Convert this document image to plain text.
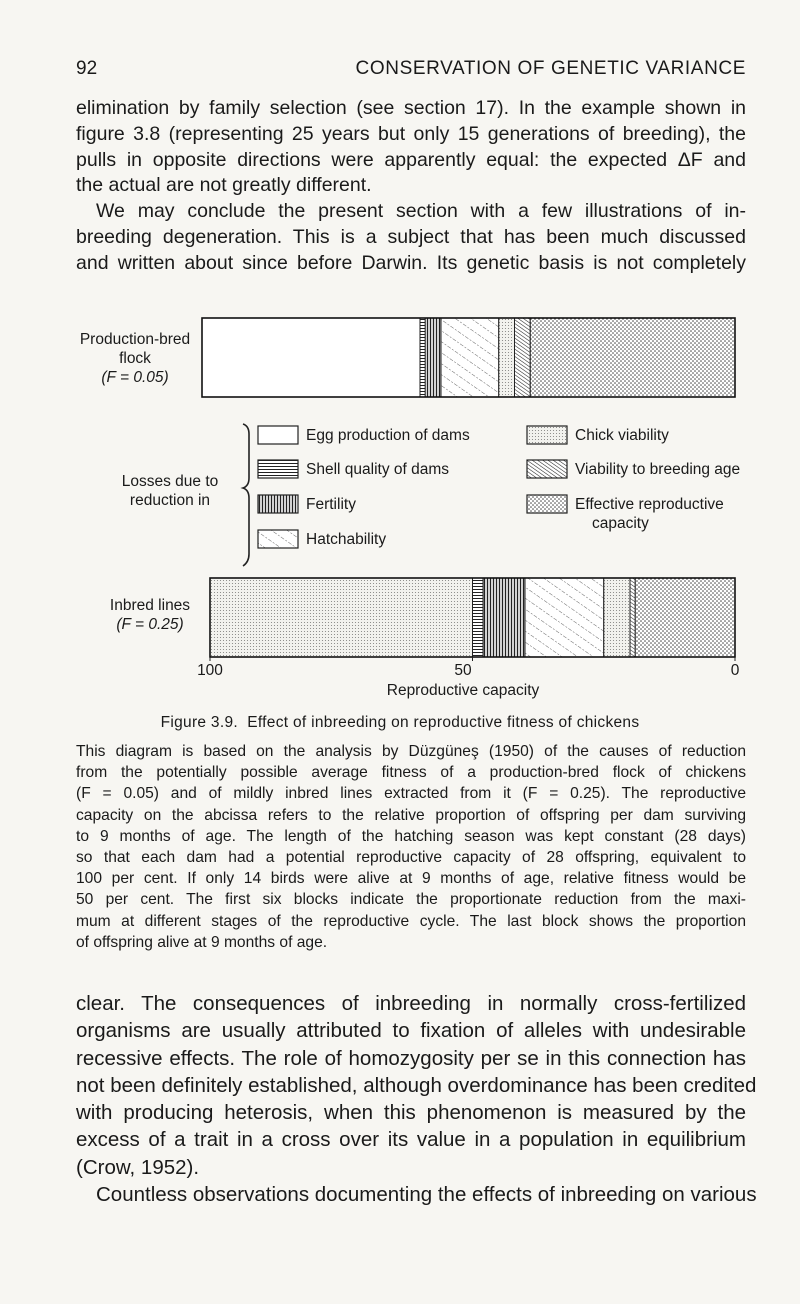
92	CONSERVATION OF GENETIC VARIANCE
elimination by family selection (see section 17). In the example shown in
figure 3.8 (representing 25 years but only 15 generations of breeding), the
pulls in opposite directions were apparently equal: the expected ΔF and
the actual are not greatly different.
We may conclude the present section with a few illustrations of in-
breeding degeneration. This is a subject that has been much discussed
and written about since before Darwin. Its genetic basis is not completely
Production-bred
flock
(F = 0.05)
Losses due to
reduction in
Egg production of dams
Shell quality of dams
Fertility
Hatchability
Chick viability
Viability to breeding age
Effective reproductive
capacity
Inbred lines
(F = 0.25)
100	50	0
Reproductive capacity
Figure 3.9. Effect of inbreeding on reproductive fitness of chickens
This diagram is based on the analysis by Düzgüneş (1950) of the causes of reduction
from the potentially possible average fitness of a production-bred flock of chickens
(F = 0.05) and of mildly inbred lines extracted from it (F = 0.25). The reproductive
capacity on the abcissa refers to the relative proportion of offspring per dam surviving
to 9 months of age. The length of the hatching season was kept constant (28 days)
so that each dam had a potential reproductive capacity of 28 offspring, equivalent to
100 per cent. If only 14 birds were alive at 9 months of age, relative fitness would be
50 per cent. The first six blocks indicate the proportionate reduction from the maxi-
mum at different stages of the reproductive cycle. The last block shows the proportion
of offspring alive at 9 months of age.
clear. The consequences of inbreeding in normally cross-fertilized
organisms are usually attributed to fixation of alleles with undesirable
recessive effects. The role of homozygosity per se in this connection has
not been definitely established, although overdominance has been credited
with producing heterosis, when this phenomenon is measured by the
excess of a trait in a cross over its value in a population in equilibrium
(Crow, 1952).
Countless observations documenting the effects of inbreeding on various
